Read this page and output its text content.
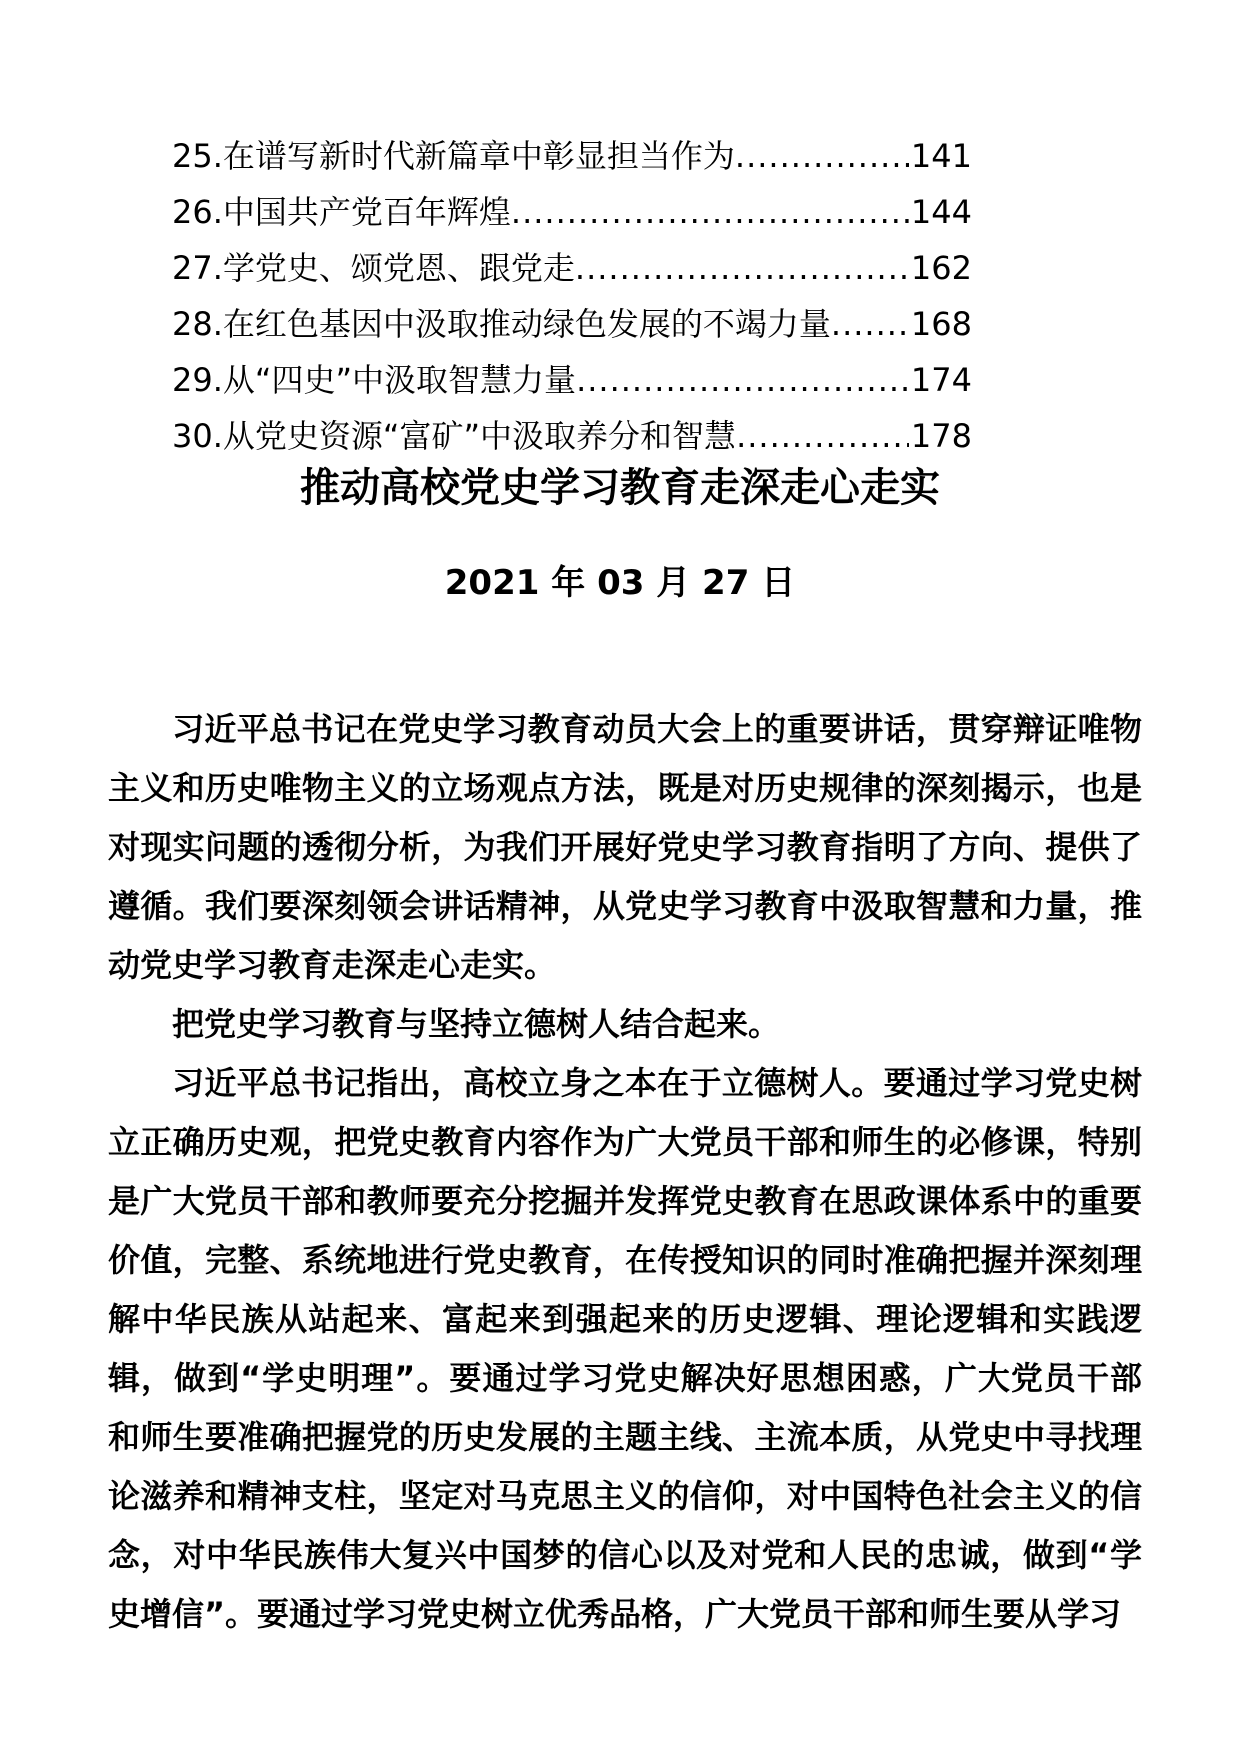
25. 在谱写新时代新篇章中彰显担当作为 .....	141
26. 中国共产党百年辉煌 .....	144
27. 学党史、颂党恩、跟党走 .....	162
28. 在红色基因中汲取推动绿色发展的不竭力量 .....	168
29. 从“四史”中汲取智慧力量 .....	174
30. 从党史资源“富矿”中汲取养分和智慧 .....	178
推动高校党史学习教育走深走心走实
2021 年 03 月 27 日

习近平总书记在党史学习教育动员大会上的重要讲话，贯穿辩证唯物主义和历史唯物主义的立场观点方法，既是对历史规律的深刻揭示，也是对现实问题的透彻分析，为我们开展好党史学习教育指明了方向、提供了遵循。我们要深刻领会讲话精神，从党史学习教育中汲取智慧和力量，推动党史学习教育走深走心走实。

把党史学习教育与坚持立德树人结合起来。

习近平总书记指出，高校立身之本在于立德树人。要通过学习党史树立正确历史观，把党史教育内容作为广大党员干部和师生的必修课，特别是广大党员干部和教师要充分挖掘并发挥党史教育在思政课体系中的重要价值，完整、系统地进行党史教育，在传授知识的同时准确把握并深刻理解中华民族从站起来、富起来到强起来的历史逻辑、理论逻辑和实践逻辑，做到“学史明理”。要通过学习党史解决好思想困惑，广大党员干部和师生要准确把握党的历史发展的主题主线、主流本质，从党史中寻找理论滋养和精神支柱，坚定对马克思主义的信仰，对中国特色社会主义的信念，对中华民族伟大复兴中国梦的信心以及对党和人民的忠诚，做到“学史增信”。要通过学习党史树立优秀品格，广大党员干部和师生要从学习
